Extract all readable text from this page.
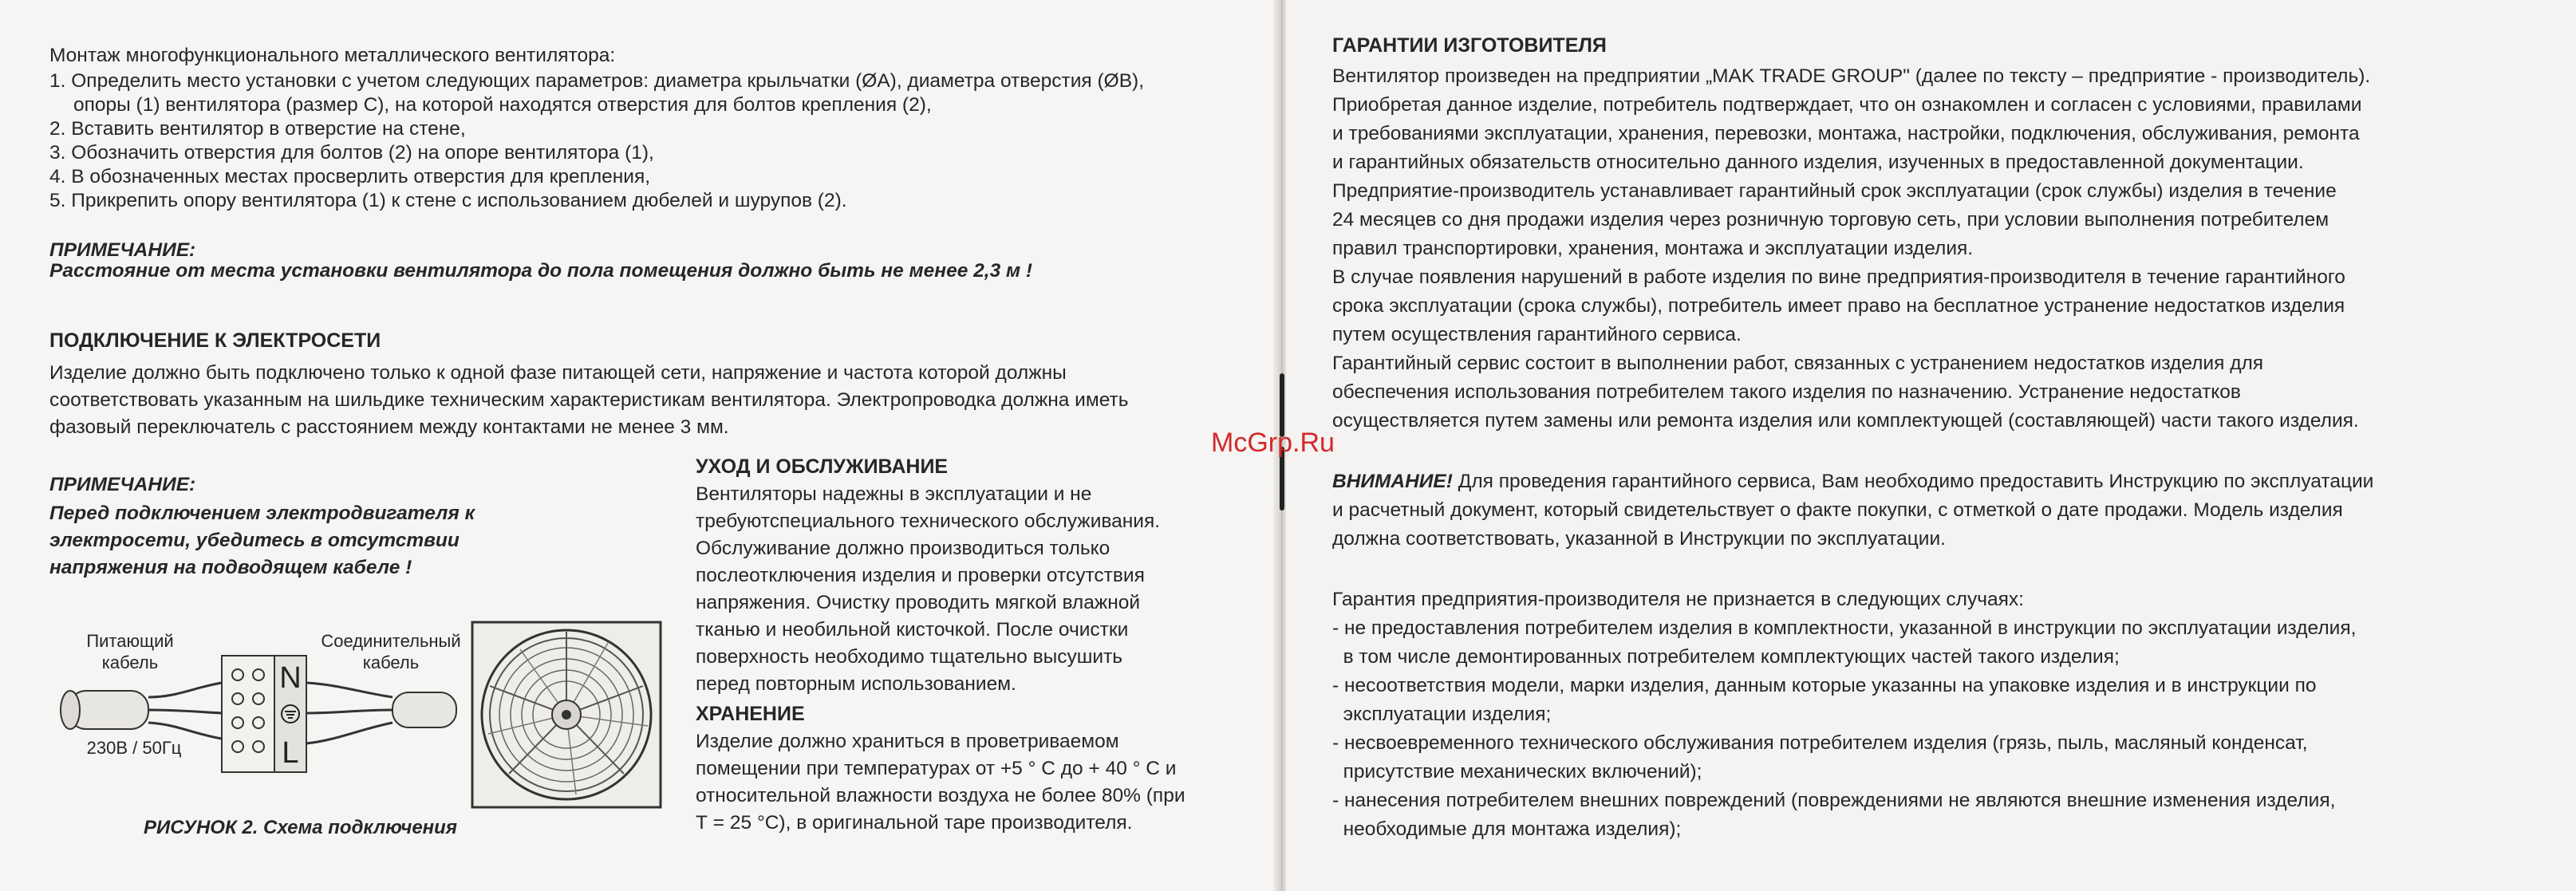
Монтаж многофункционального металлического вентилятора:

1. Определить место установки с учетом следующих параметров: диаметра крыльчатки (ØA), диаметра отверстия (ØB),

опоры (1) вентилятора (размер С), на которой находятся отверстия для болтов крепления (2),

2. Вставить вентилятор в отверстие на стене,

3. Обозначить отверстия для болтов (2) на опоре вентилятора (1),

4. В обозначенных местах просверлить отверстия для крепления,

5. Прикрепить опору вентилятора (1) к стене с использованием дюбелей и шурупов (2).

ПРИМЕЧАНИЕ:

Расстояние от места установки вентилятора до пола помещения должно быть не менее 2,3 м !

ПОДКЛЮЧЕНИЕ К ЭЛЕКТРОСЕТИ

Изделие должно быть подключено только к одной фазе питающей сети, напряжение и частота которой должны

соответствовать указанным на шильдике техническим характеристикам вентилятора. Электропроводка должна иметь

фазовый переключатель с расстоянием между контактами не менее 3 мм.

ПРИМЕЧАНИЕ:

Перед подключением электродвигателя к

электросети, убедитесь в отсутствии

напряжения на подводящем кабеле !

УХОД И ОБСЛУЖИВАНИЕ

Вентиляторы надежны в эксплуатации и не

требуютспециального технического обслуживания.

Обслуживание должно производиться только

послеотключения изделия и проверки отсутствия

напряжения. Очистку проводить мягкой влажной

тканью и необильной кисточкой. После очистки

поверхность необходимо тщательно высушить

перед повторным использованием.

ХРАНЕНИЕ

Изделие должно храниться в проветриваемом

помещении при температурах от +5 ° С до + 40 ° С и

относительной влажности воздуха не более 80% (при

Т = 25 °С), в оригинальной таре производителя.

Питающий
кабель
Соединительный
кабель
230В / 50Гц
РИСУНОК 2. Схема подключения
N
L
McGrp.Ru

ГАРАНТИИ ИЗГОТОВИТЕЛЯ

Вентилятор произведен на предприятии „MAK TRADE GROUP" (далее по тексту – предприятие - производитель).

Приобретая данное изделие, потребитель подтверждает, что он ознакомлен и согласен с условиями, правилами

и требованиями эксплуатации, хранения, перевозки, монтажа, настройки, подключения, обслуживания, ремонта

и гарантийных обязательств относительно данного изделия, изученных в предоставленной документации.

Предприятие-производитель устанавливает гарантийный срок эксплуатации (срок службы) изделия в течение

24 месяцев со дня продажи изделия через розничную торговую сеть, при условии выполнения потребителем

правил транспортировки, хранения, монтажа и эксплуатации изделия.

В случае появления нарушений в работе изделия по вине предприятия-производителя в течение гарантийного

срока эксплуатации (срока службы), потребитель имеет право на бесплатное устранение недостатков изделия

путем осуществления гарантийного сервиса.

Гарантийный сервис состоит в выполнении работ, связанных с устранением недостатков изделия для

обеспечения использования потребителем такого изделия по назначению. Устранение недостатков

осуществляется путем замены или ремонта изделия или комплектующей (составляющей) части такого изделия.

ВНИМАНИЕ! Для проведения гарантийного сервиса, Вам необходимо предоставить Инструкцию по эксплуатации

и расчетный документ, который свидетельствует о факте покупки, с отметкой о дате продажи. Модель изделия

должна соответствовать, указанной в Инструкции по эксплуатации.

Гарантия предприятия-производителя не признается в следующих случаях:

- не предоставления потребителем изделия в комплектности, указанной в инструкции по эксплуатации изделия,

в том числе демонтированных потребителем комплектующих частей такого изделия;

- несоответствия модели, марки изделия, данным которые указанны на упаковке изделия и в инструкции по

эксплуатации изделия;

- несвоевременного технического обслуживания потребителем изделия (грязь, пыль, масляный конденсат,

присутствие механических включений);

- нанесения потребителем внешних повреждений (повреждениями не являются внешние изменения изделия,

необходимые для монтажа изделия);
